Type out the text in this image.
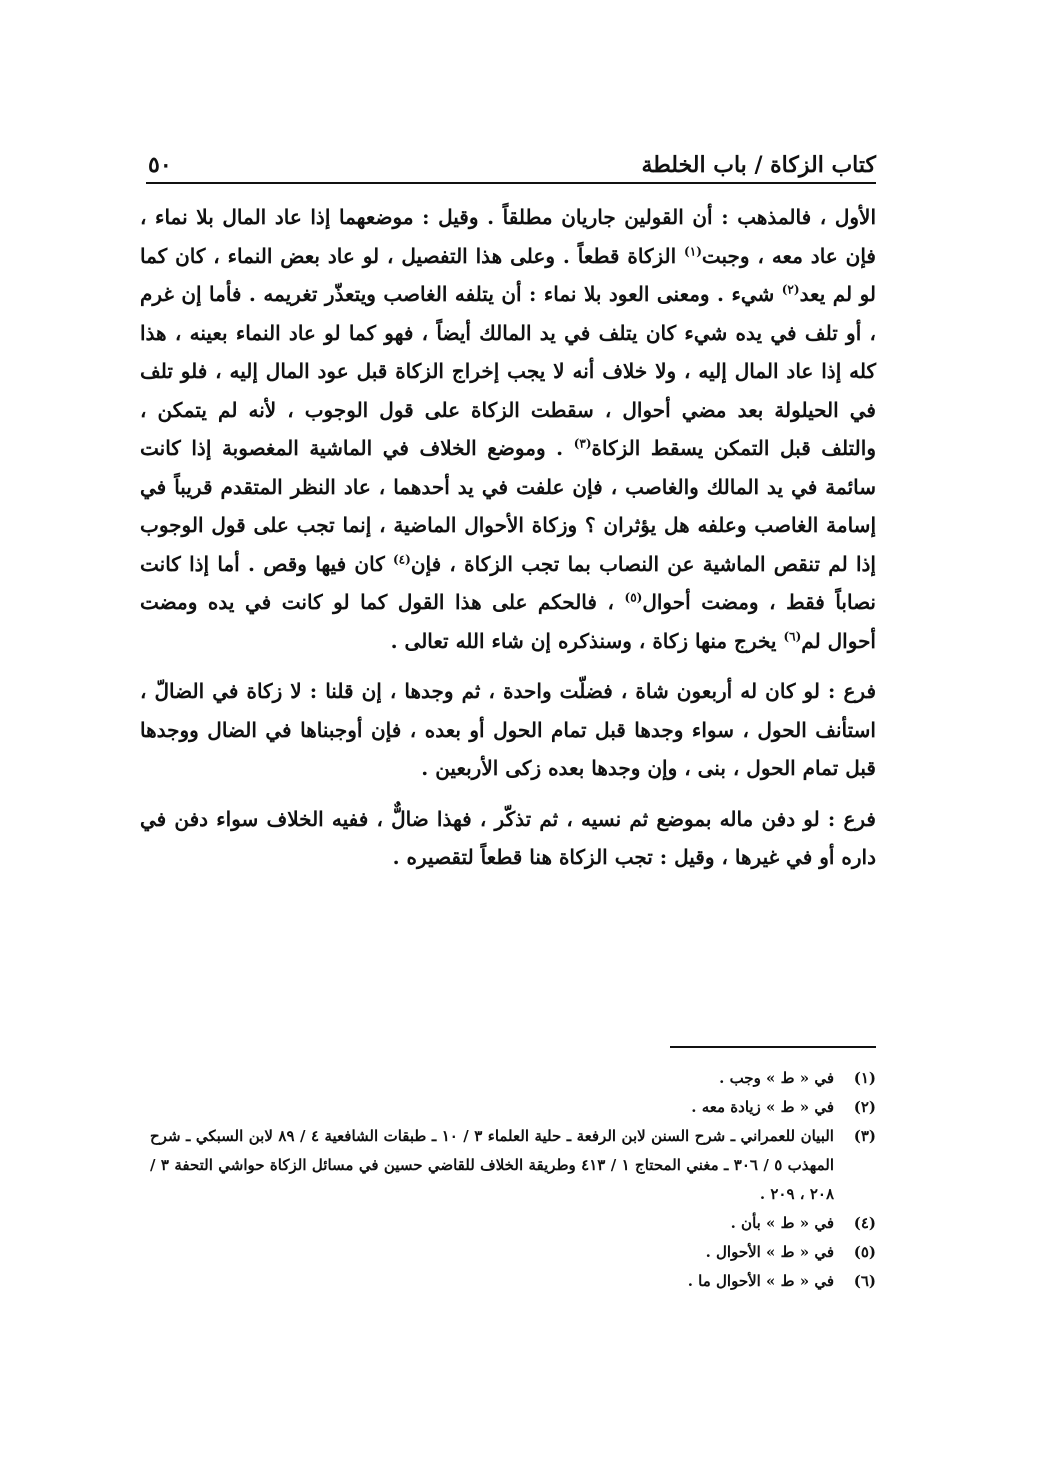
كتاب الزكاة / باب الخلطة
٥٠

الأول ، فالمذهب : أن القولين جاريان مطلقاً . وقيل : موضعهما إذا عاد المال بلا نماء ، فإن عاد معه ، وجبت$^{(١)}$ الزكاة قطعاً . وعلى هذا التفصيل ، لو عاد بعض النماء ، كان كما لو لم يعد$^{(٢)}$ شيء . ومعنى العود بلا نماء : أن يتلفه الغاصب ويتعذّر تغريمه . فأما إن غرم ، أو تلف في يده شيء كان يتلف في يد المالك أيضاً ، فهو كما لو عاد النماء بعينه ، هذا كله إذا عاد المال إليه ، ولا خلاف أنه لا يجب إخراج الزكاة قبل عود المال إليه ، فلو تلف في الحيلولة بعد مضي أحوال ، سقطت الزكاة على قول الوجوب ، لأنه لم يتمكن ، والتلف قبل التمكن يسقط الزكاة$^{(٣)}$ . وموضع الخلاف في الماشية المغصوبة إذا كانت سائمة في يد المالك والغاصب ، فإن علفت في يد أحدهما ، عاد النظر المتقدم قريباً في إسامة الغاصب وعلفه هل يؤثران ؟ وزكاة الأحوال الماضية ، إنما تجب على قول الوجوب إذا لم تنقص الماشية عن النصاب بما تجب الزكاة ، فإن$^{(٤)}$ كان فيها وقص . أما إذا كانت نصاباً فقط ، ومضت أحوال$^{(٥)}$ ، فالحكم على هذا القول كما لو كانت في يده ومضت أحوال لم$^{(٦)}$ يخرج منها زكاة ، وسنذكره إن شاء الله تعالى .

فرع : لو كان له أربعون شاة ، فضلّت واحدة ، ثم وجدها ، إن قلنا : لا زكاة في الضالّ ، استأنف الحول ، سواء وجدها قبل تمام الحول أو بعده ، فإن أوجبناها في الضال ووجدها قبل تمام الحول ، بنى ، وإن وجدها بعده زكى الأربعين .

فرع : لو دفن ماله بموضع ثم نسيه ، ثم تذكّر ، فهذا ضالٌّ ، ففيه الخلاف سواء دفن في داره أو في غيرها ، وقيل : تجب الزكاة هنا قطعاً لتقصيره .

(١)
في « ط » وجب .
(٢)
في « ط » زيادة معه .
(٣)
البيان للعمراني ـ شرح السنن لابن الرفعة ـ حلية العلماء ٣ / ١٠ ـ طبقات الشافعية ٤ / ٨٩ لابن السبكي ـ شرح المهذب ٥ / ٣٠٦ ـ مغني المحتاج ١ / ٤١٣ وطريقة الخلاف للقاضي حسين في مسائل الزكاة حواشي التحفة ٣ / ٢٠٨ ، ٢٠٩ .
(٤)
في « ط » بأن .
(٥)
في « ط » الأحوال .
(٦)
في « ط » الأحوال ما .
